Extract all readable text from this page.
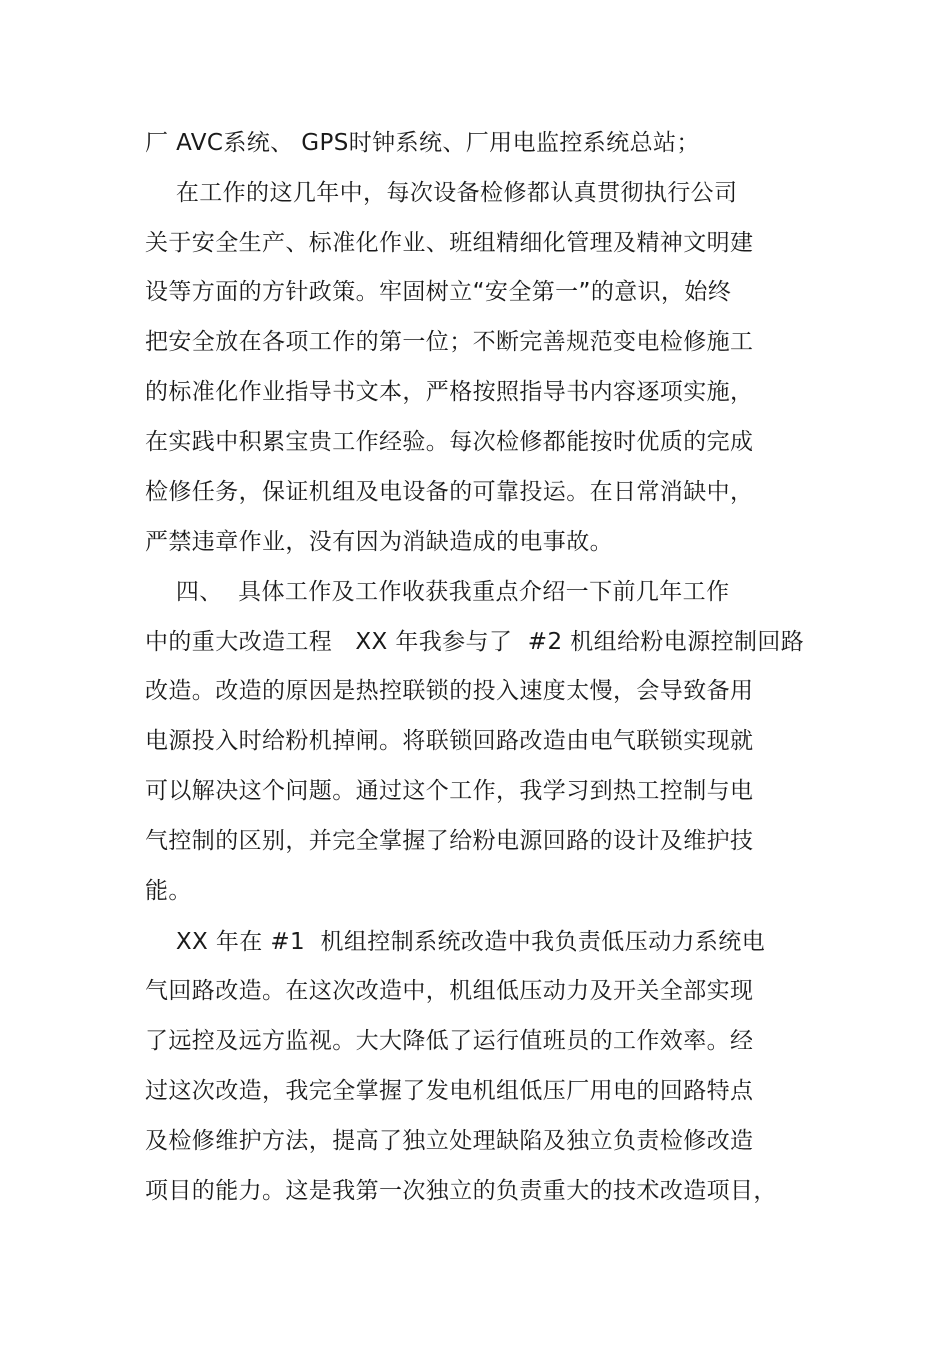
厂 AVC系统、 GPS时钟系统、厂用电监控系统总站；
在工作的这几年中，每次设备检修都认真贯彻执行公司
关于安全生产、标准化作业、班组精细化管理及精神文明建
设等方面的方针政策。牢固树立“安全第一”的意识，始终
把安全放在各项工作的第一位；不断完善规范变电检修施工
的标准化作业指导书文本，严格按照指导书内容逐项实施，
在实践中积累宝贵工作经验。每次检修都能按时优质的完成
检修任务，保证机组及电设备的可靠投运。在日常消缺中，
严禁违章作业，没有因为消缺造成的电事故。
四、  具体工作及工作收获我重点介绍一下前几年工作
中的重大改造工程   XX 年我参与了  #2 机组给粉电源控制回路
改造。改造的原因是热控联锁的投入速度太慢，会导致备用
电源投入时给粉机掉闸。将联锁回路改造由电气联锁实现就
可以解决这个问题。通过这个工作，我学习到热工控制与电
气控制的区别，并完全掌握了给粉电源回路的设计及维护技
能。
XX 年在 #1  机组控制系统改造中我负责低压动力系统电
气回路改造。在这次改造中，机组低压动力及开关全部实现
了远控及远方监视。大大降低了运行值班员的工作效率。经
过这次改造，我完全掌握了发电机组低压厂用电的回路特点
及检修维护方法，提高了独立处理缺陷及独立负责检修改造
项目的能力。这是我第一次独立的负责重大的技术改造项目，
